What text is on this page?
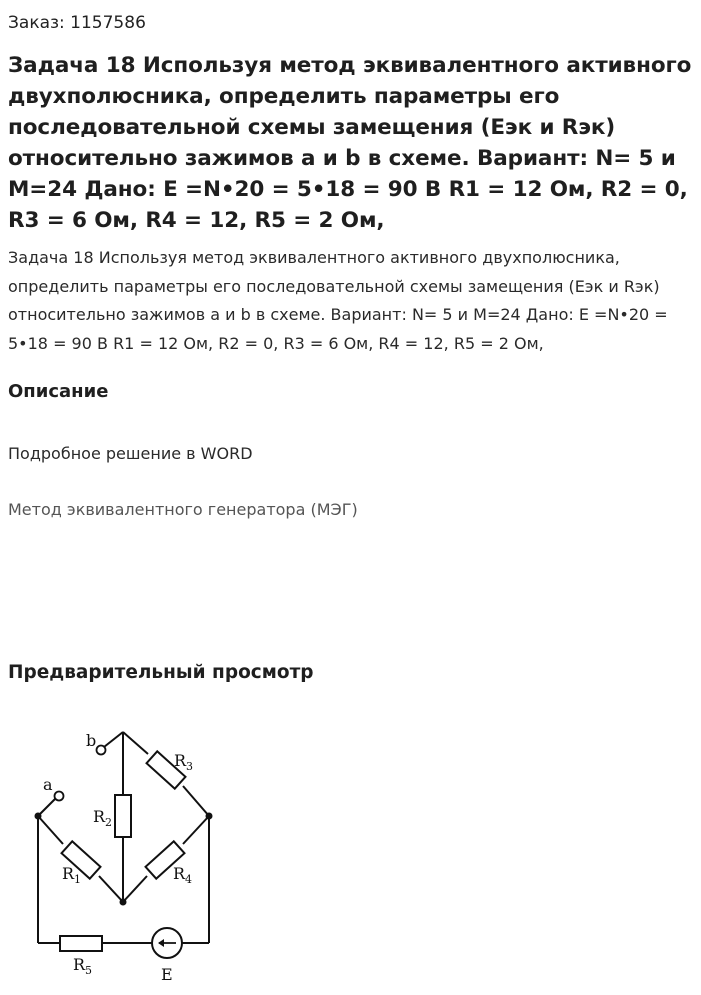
Заказ: 1157586

Задача 18 Используя метод эквивалентного активного двухполюсника, определить параметры его последовательной схемы замещения (Еэк и Rэк) относительно зажимов а и b в схеме. Вариант: N= 5 и M=24 Дано: E =N•20 = 5•18 = 90 B R1 = 12 Ом, R2 = 0, R3 = 6 Ом, R4 = 12, R5 = 2 Ом,

Задача 18 Используя метод эквивалентного активного двухполюсника, определить параметры его последовательной схемы замещения (Еэк и Rэк) относительно зажимов а и b в схеме. Вариант: N= 5 и M=24 Дано: E =N•20 = 5•18 = 90 B R1 = 12 Ом, R2 = 0, R3 = 6 Ом, R4 = 12, R5 = 2 Ом,

Описание

Подробное решение в WORD

Метод эквивалентного генератора (МЭГ)

Предварительный просмотр
b
a
$R_2$
$R_3$
$R_1$	$R_4$
$R_5$	E
